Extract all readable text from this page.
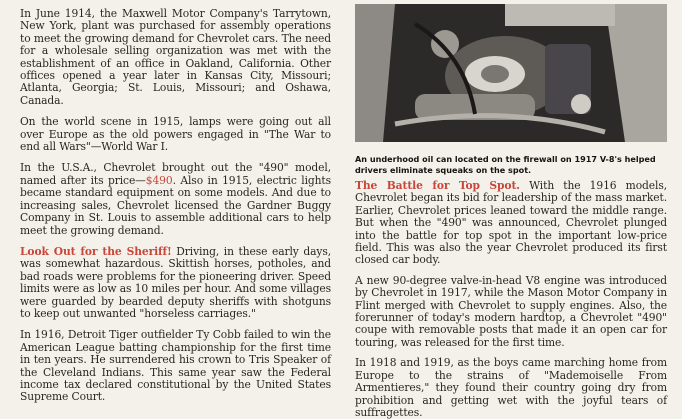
In June 1914, the Maxwell Motor Company's Tarrytown, New York, plant was purchased for assembly operations to meet the growing demand for Chevrolet cars. The need for a wholesale selling organization was met with the establishment of an office in Oakland, California. Other offices opened a year later in Kansas City, Missouri; Atlanta, Georgia; St. Louis, Missouri; and Oshawa, Canada.

On the world scene in 1915, lamps were going out all over Europe as the old powers engaged in "The War to end all Wars"—World War I.

In the U.S.A., Chevrolet brought out the "490" model, named after its price—$490. Also in 1915, electric lights became standard equipment on some models. And due to increasing sales, Chevrolet licensed the Gardner Buggy Company in St. Louis to assemble additional cars to help meet the growing demand.

Look Out for the Sheriff! Driving, in these early days, was somewhat hazardous. Skittish horses, potholes, and bad roads were problems for the pioneering driver. Speed limits were as low as 10 miles per hour. And some villages were guarded by bearded deputy sheriffs with shotguns to keep out unwanted "horseless carriages."

In 1916, Detroit Tiger outfielder Ty Cobb failed to win the American League batting championship for the first time in ten years. He surrendered his crown to Tris Speaker of the Cleveland Indians. This same year saw the Federal income tax declared constitutional by the United States Supreme Court.

An underhood oil can located on the firewall on 1917 V-8's helped drivers eliminate squeaks on the spot.

The Battle for Top Spot. With the 1916 models, Chevrolet began its bid for leadership of the mass market. Earlier, Chevrolet prices leaned toward the middle range. But when the "490" was announced, Chevrolet plunged into the battle for top spot in the important low-price field. This was also the year Chevrolet produced its first closed car body.

A new 90-degree valve-in-head V8 engine was introduced by Chevrolet in 1917, while the Mason Motor Company in Flint merged with Chevrolet to supply engines. Also, the forerunner of today's modern hardtop, a Chevrolet "490" coupe with removable posts that made it an open car for touring, was released for the first time.

In 1918 and 1919, as the boys came marching home from Europe to the strains of "Mademoiselle From Armentieres," they found their country going dry from prohibition and getting wet with the joyful tears of suffragettes.
